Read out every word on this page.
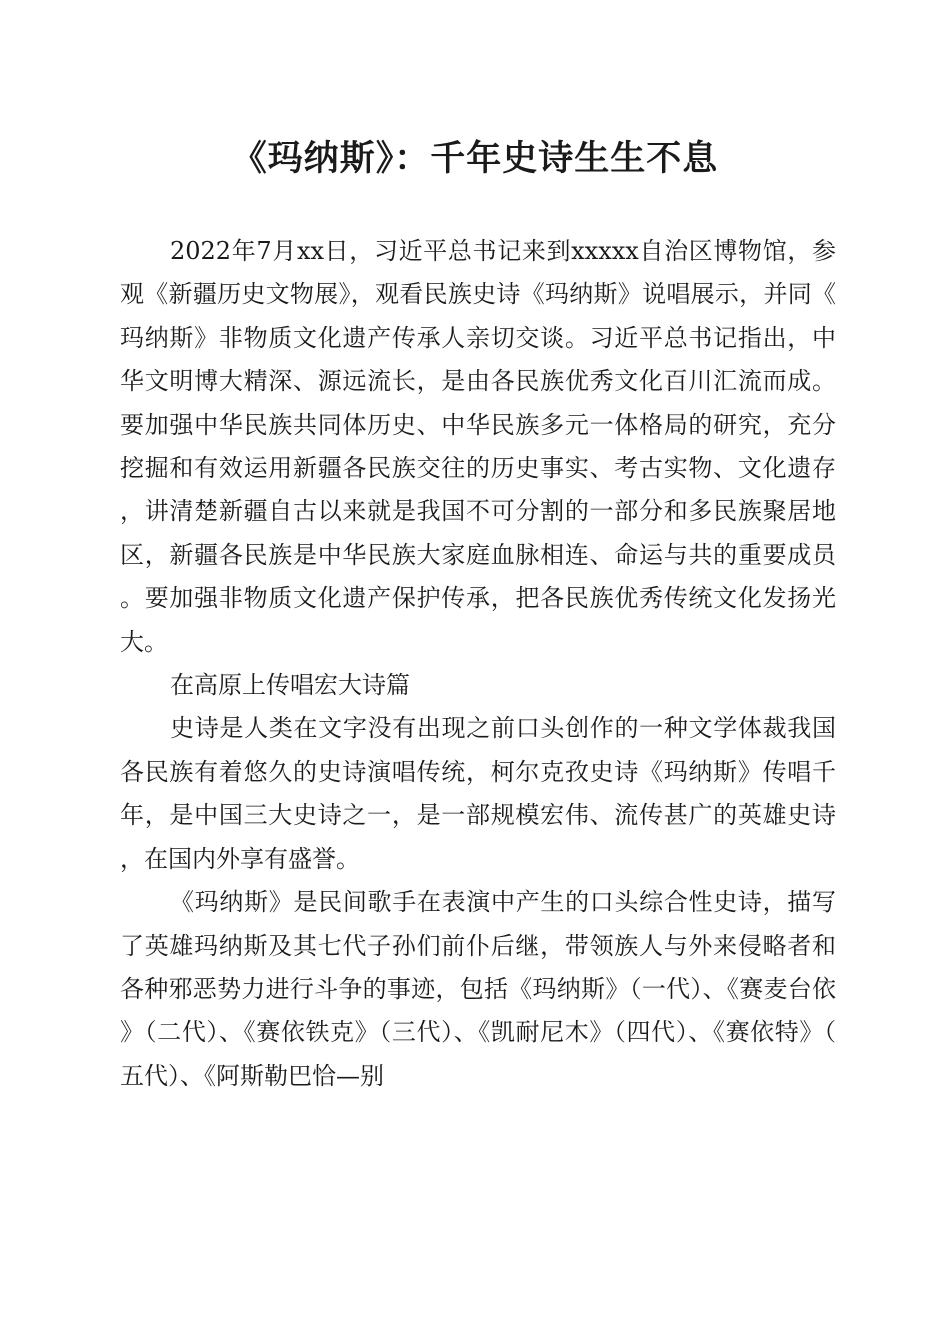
《玛纳斯》：千年史诗生生不息

2022年7月xx日，习近平总书记来到xxxxx自治区博物馆，参观《新疆历史文物展》，观看民族史诗《玛纳斯》说唱展示，并同《玛纳斯》非物质文化遗产传承人亲切交谈。习近平总书记指出，中华文明博大精深、源远流长，是由各民族优秀文化百川汇流而成。要加强中华民族共同体历史、中华民族多元一体格局的研究，充分挖掘和有效运用新疆各民族交往的历史事实、考古实物、文化遗存，讲清楚新疆自古以来就是我国不可分割的一部分和多民族聚居地区，新疆各民族是中华民族大家庭血脉相连、命运与共的重要成员。要加强非物质文化遗产保护传承，把各民族优秀传统文化发扬光大。

在高原上传唱宏大诗篇

史诗是人类在文字没有出现之前口头创作的一种文学体裁我国各民族有着悠久的史诗演唱传统，柯尔克孜史诗《玛纳斯》传唱千年，是中国三大史诗之一，是一部规模宏伟、流传甚广的英雄史诗，在国内外享有盛誉。

《玛纳斯》是民间歌手在表演中产生的口头综合性史诗，描写了英雄玛纳斯及其七代子孙们前仆后继，带领族人与外来侵略者和各种邪恶势力进行斗争的事迹，包括《玛纳斯》（一代）、《赛麦台依》（二代）、《赛依铁克》（三代）、《凯耐尼木》（四代）、《赛依特》（五代）、《阿斯勒巴恰—别
